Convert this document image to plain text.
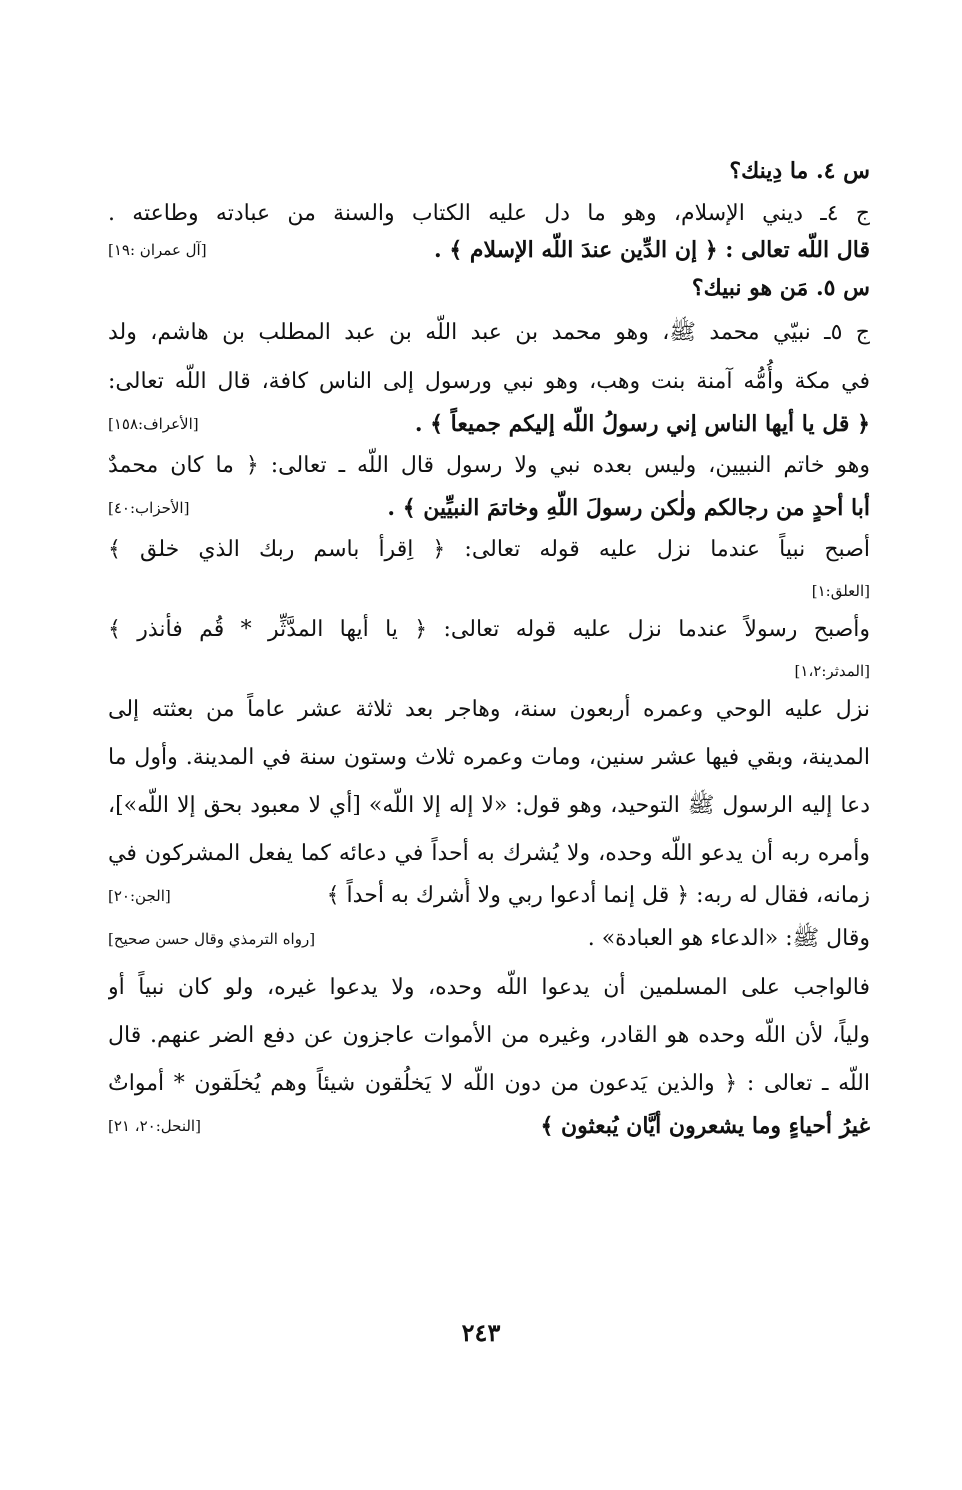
س ٤. ما دِينك؟
ج ٤ـ ديني الإسلام، وهو ما دل عليه الكتاب والسنة من عبادته وطاعته .
قال اللّه تعالى : ﴿ إن الدِّين عندَ اللّه الإسلام ﴾ .
[آل عمران :١٩]
س ٥. مَن هو نبيك؟
ج ٥ـ نبيّي محمد ﷺ، وهو محمد بن عبد اللّه بن عبد المطلب بن هاشم، ولد
في مكة وأُمُّه آمنة بنت وهب، وهو نبي ورسول إلى الناس كافة، قال اللّه تعالى:
﴿ قل يا أيها الناس إني رسولُ اللّه إليكم جميعاً ﴾ .
[الأعراف:١٥٨]
وهو خاتم النبيين، وليس بعده نبي ولا رسول قال اللّه ـ تعالى: ﴿ ما كان محمدٌ
أبا أحدٍ من رجالكم ولٰكن رسولَ اللّهِ وخاتمَ النبيِّين ﴾ .
[الأحزاب:٤٠]
أصبح نبياً عندما نزل عليه قوله تعالى: ﴿ اِقرأ باسم ربك الذي خلق ﴾
[العلق:١]
وأصبح رسولاً عندما نزل عليه قوله تعالى: ﴿ يا أيها المدَّثِّر * قُم فأنذر ﴾
[المدثر:١،٢]
نزل عليه الوحي وعمره أربعون سنة، وهاجر بعد ثلاثة عشر عاماً من بعثته إلى
المدينة، وبقي فيها عشر سنين، ومات وعمره ثلاث وستون سنة في المدينة. وأول ما
دعا إليه الرسول ﷺ التوحيد، وهو قول: «لا إله إلا اللّه» [أي لا معبود بحق إلا اللّه»]،
وأمره ربه أن يدعو اللّه وحده، ولا يُشرك به أحداً في دعائه كما يفعل المشركون في
زمانه، فقال له ربه: ﴿ قل إنما أدعوا ربي ولا أُشرك به أحداً ﴾
[الجن:٢٠]
وقال ﷺ: «الدعاء هو العبادة» .
[رواه الترمذي وقال حسن صحيح]
فالواجب على المسلمين أن يدعوا اللّه وحده، ولا يدعوا غيره، ولو كان نبياً أو
ولياً، لأن اللّه وحده هو القادر، وغيره من الأموات عاجزون عن دفع الضر عنهم. قال
اللّه ـ تعالى : ﴿ والذين يَدعون من دون اللّه لا يَخلُقون شيئاً وهم يُخلَقون * أمواتٌ
غيرُ أحياءٍ وما يشعرون أيَّان يُبعثون ﴾
[النحل:٢٠، ٢١]
٢٤٣
